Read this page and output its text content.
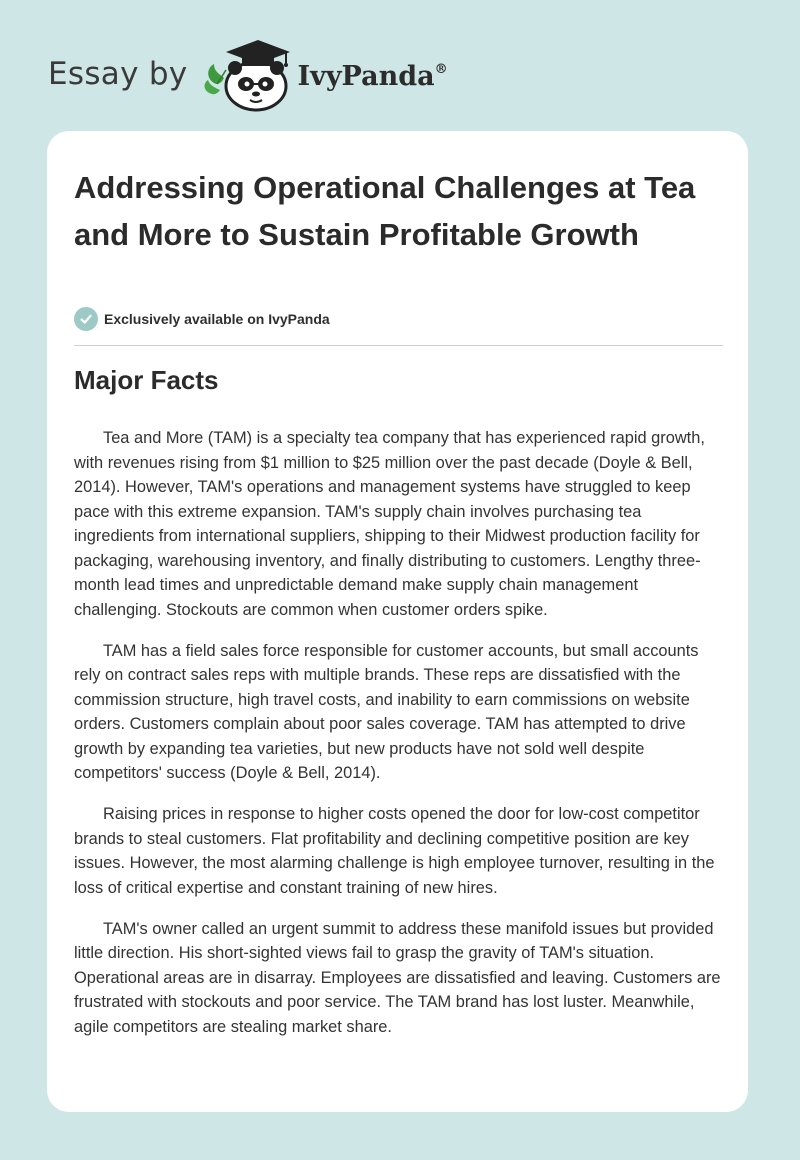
Essay by	IvyPanda®
Addressing Operational Challenges at Tea and More to Sustain Profitable Growth
Exclusively available on IvyPanda
Major Facts

Tea and More (TAM) is a specialty tea company that has experienced rapid growth, with revenues rising from $1 million to $25 million over the past decade (Doyle & Bell, 2014). However, TAM's operations and management systems have struggled to keep pace with this extreme expansion. TAM's supply chain involves purchasing tea ingredients from international suppliers, shipping to their Midwest production facility for packaging, warehousing inventory, and finally distributing to customers. Lengthy three-month lead times and unpredictable demand make supply chain management challenging. Stockouts are common when customer orders spike.

TAM has a field sales force responsible for customer accounts, but small accounts rely on contract sales reps with multiple brands. These reps are dissatisfied with the commission structure, high travel costs, and inability to earn commissions on website orders. Customers complain about poor sales coverage. TAM has attempted to drive growth by expanding tea varieties, but new products have not sold well despite competitors' success (Doyle & Bell, 2014).

Raising prices in response to higher costs opened the door for low-cost competitor brands to steal customers. Flat profitability and declining competitive position are key issues. However, the most alarming challenge is high employee turnover, resulting in the loss of critical expertise and constant training of new hires.

TAM's owner called an urgent summit to address these manifold issues but provided little direction. His short-sighted views fail to grasp the gravity of TAM's situation. Operational areas are in disarray. Employees are dissatisfied and leaving. Customers are frustrated with stockouts and poor service. The TAM brand has lost luster. Meanwhile, agile competitors are stealing market share.
